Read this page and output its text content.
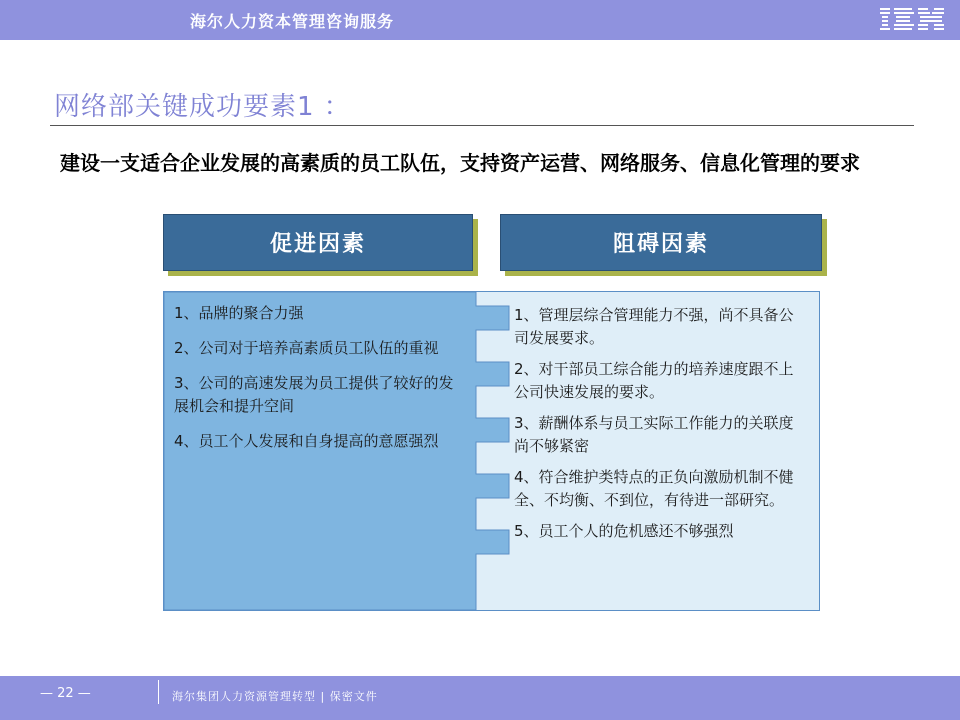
海尔人力资本管理咨询服务
网络部关键成功要素1 ：
建设一支适合企业发展的高素质的员工队伍，支持资产运营、网络服务、信息化管理的要求
促进因素	阻碍因素

1、品牌的聚合力强

2、公司对于培养高素质员工队伍的重视

3、公司的高速发展为员工提供了较好的发展机会和提升空间

4、员工个人发展和自身提高的意愿强烈

1、管理层综合管理能力不强，尚不具备公司发展要求。

2、对干部员工综合能力的培养速度跟不上公司快速发展的要求。

3、薪酬体系与员工实际工作能力的关联度尚不够紧密

4、符合维护类特点的正负向激励机制不健全、不均衡、不到位，有待进一部研究。

5、员工个人的危机感还不够强烈

— 22 —	海尔集团人力资源管理转型 | 保密文件
